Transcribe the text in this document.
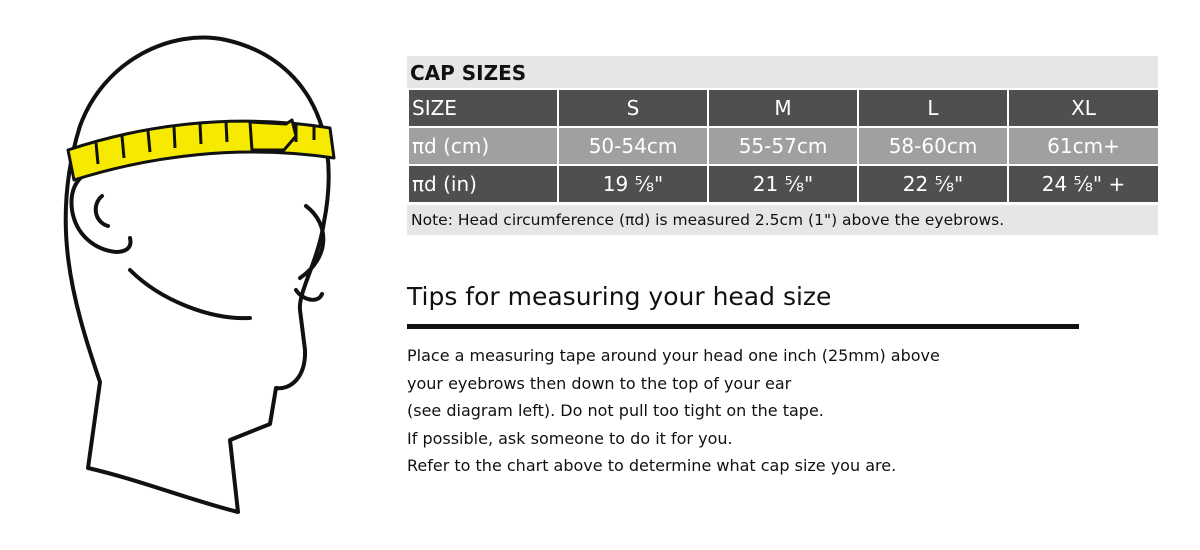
CAP SIZES
SIZE	S	M	L	XL
πd (cm)	50-54cm	55-57cm	58-60cm	61cm+
πd (in)	19 ⅝"	21 ⅝"	22 ⅝"	24 ⅝" +
Note: Head circumference (πd) is measured 2.5cm (1") above the eyebrows.
Tips for measuring your head size
Place a measuring tape around your head one inch (25mm) above
your eyebrows then down to the top of your ear
(see diagram left). Do not pull too tight on the tape.
If possible, ask someone to do it for you.
Refer to the chart above to determine what cap size you are.
